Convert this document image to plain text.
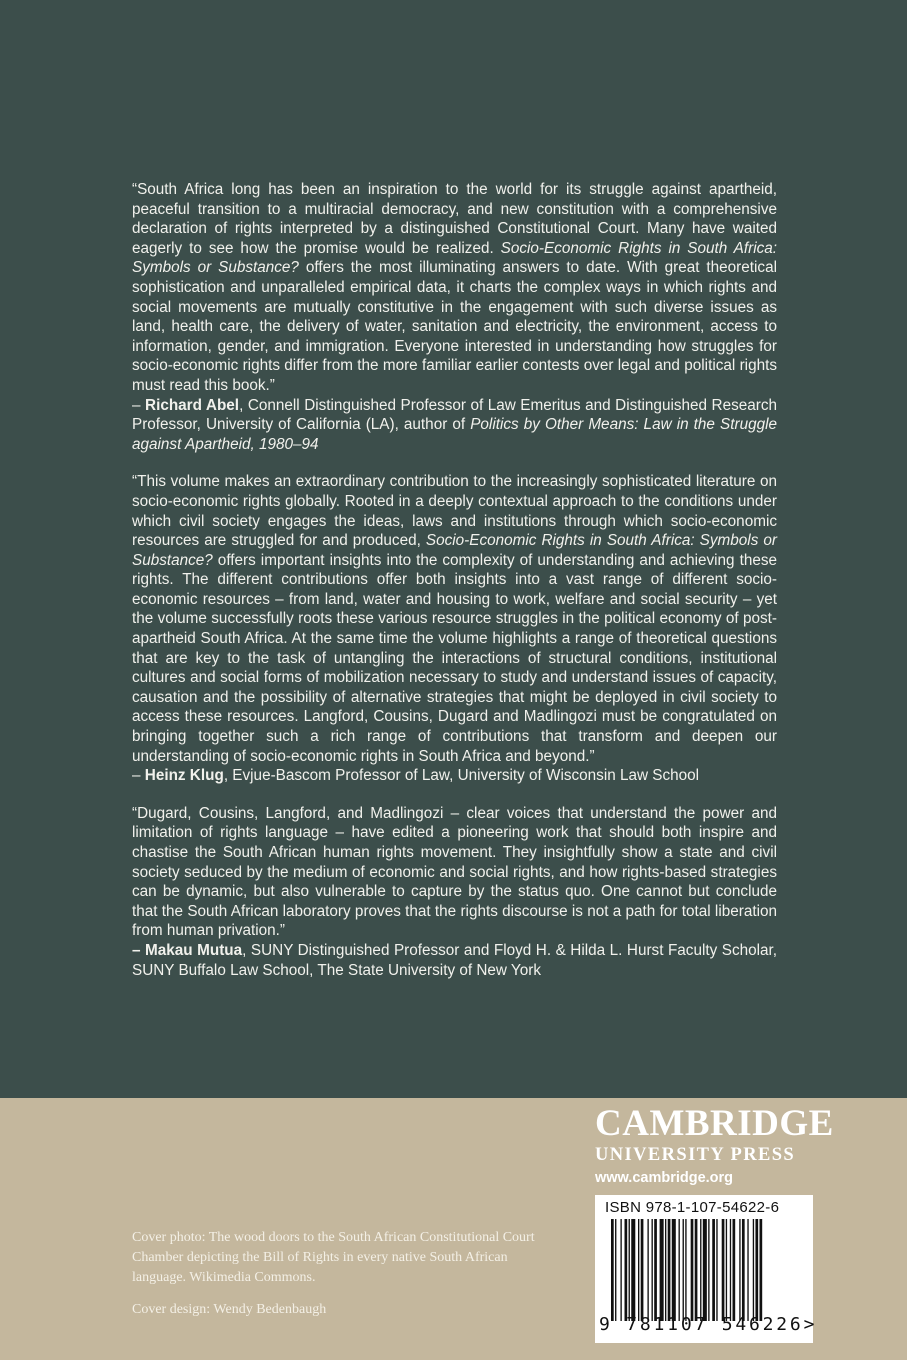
“South Africa long has been an inspiration to the world for its struggle against apartheid, peaceful transition to a multiracial democracy, and new constitution with a comprehensive declaration of rights interpreted by a distinguished Constitutional Court. Many have waited eagerly to see how the promise would be realized. Socio-Economic Rights in South Africa: Symbols or Substance? offers the most illuminating answers to date. With great theoretical sophistication and unparalleled empirical data, it charts the complex ways in which rights and social movements are mutually constitutive in the engagement with such diverse issues as land, health care, the delivery of water, sanitation and electricity, the environment, access to information, gender, and immigration. Everyone interested in understanding how struggles for socio-economic rights differ from the more familiar earlier contests over legal and political rights must read this book.”
– Richard Abel, Connell Distinguished Professor of Law Emeritus and Distinguished Research Professor, University of California (LA), author of Politics by Other Means: Law in the Struggle against Apartheid, 1980–94

“This volume makes an extraordinary contribution to the increasingly sophisticated literature on socio-economic rights globally. Rooted in a deeply contextual approach to the conditions under which civil society engages the ideas, laws and institutions through which socio-economic resources are struggled for and produced, Socio-Economic Rights in South Africa: Symbols or Substance? offers important insights into the complexity of understanding and achieving these rights. The different contributions offer both insights into a vast range of different socio-economic resources – from land, water and housing to work, welfare and social security – yet the volume successfully roots these various resource struggles in the political economy of post-apartheid South Africa. At the same time the volume highlights a range of theoretical questions that are key to the task of untangling the interactions of structural conditions, institutional cultures and social forms of mobilization necessary to study and understand issues of capacity, causation and the possibility of alternative strategies that might be deployed in civil society to access these resources. Langford, Cousins, Dugard and Madlingozi must be congratulated on bringing together such a rich range of contributions that transform and deepen our understanding of socio-economic rights in South Africa and beyond.”
– Heinz Klug, Evjue-Bascom Professor of Law, University of Wisconsin Law School

“Dugard, Cousins, Langford, and Madlingozi – clear voices that understand the power and limitation of rights language – have edited a pioneering work that should both inspire and chastise the South African human rights movement. They insightfully show a state and civil society seduced by the medium of economic and social rights, and how rights-based strategies can be dynamic, but also vulnerable to capture by the status quo. One cannot but conclude that the South African laboratory proves that the rights discourse is not a path for total liberation from human privation.”
– Makau Mutua, SUNY Distinguished Professor and Floyd H. & Hilda L. Hurst Faculty Scholar, SUNY Buffalo Law School, The State University of New York

CAMBRIDGE
UNIVERSITY PRESS
www.cambridge.org
ISBN 978-1-107-54622-6
9 781107 546226>

Cover photo: The wood doors to the South African Constitutional Court Chamber depicting the Bill of Rights in every native South African language. Wikimedia Commons.

Cover design: Wendy Bedenbaugh
